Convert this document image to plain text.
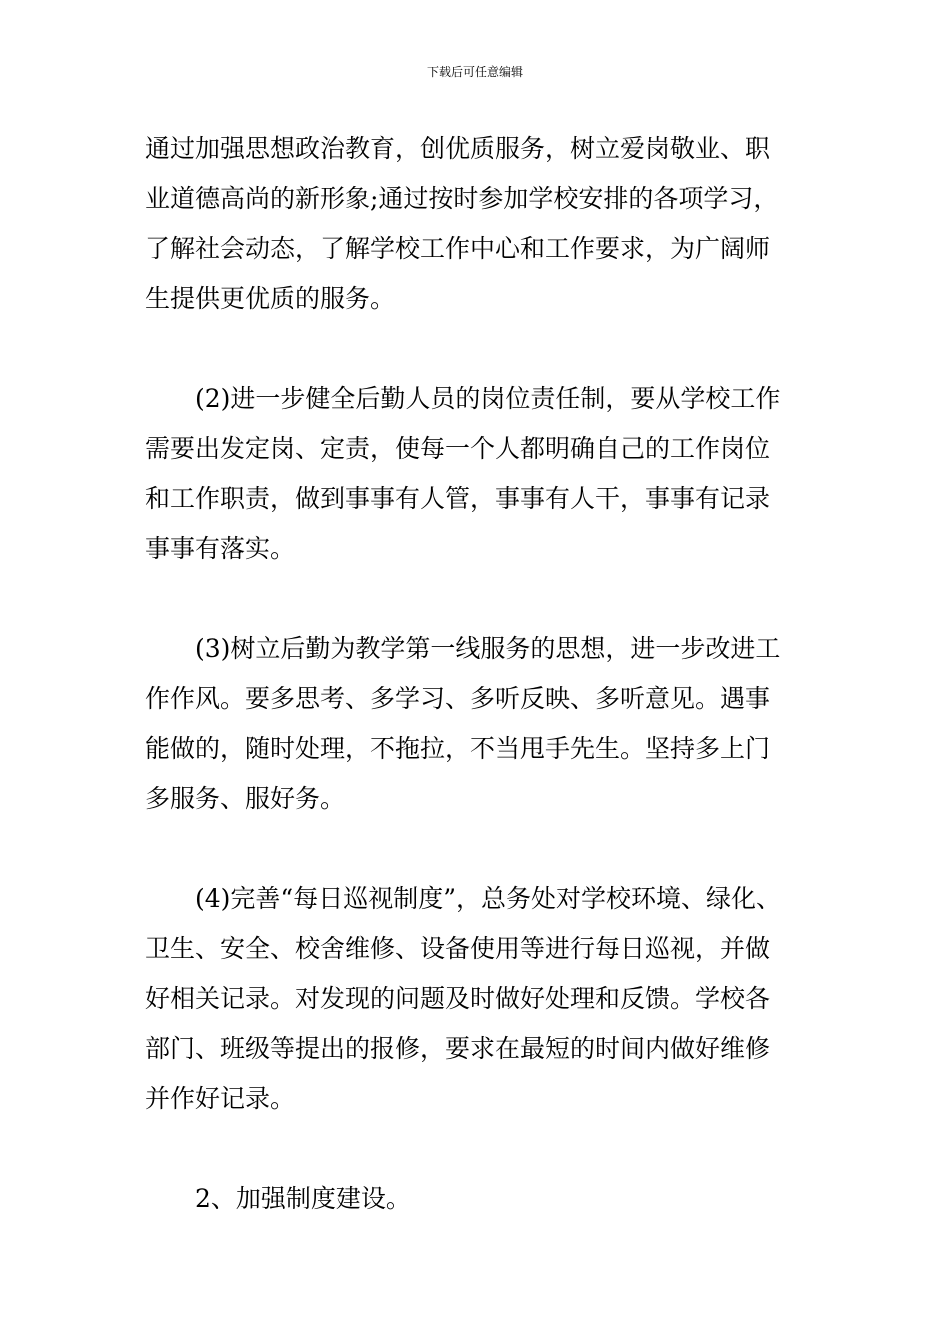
下载后可任意编辑
通过加强思想政治教育，创优质服务，树立爱岗敬业、职
业道德高尚的新形象;通过按时参加学校安排的各项学习，
了解社会动态，了解学校工作中心和工作要求，为广阔师
生提供更优质的服务。
(2)进一步健全后勤人员的岗位责任制，要从学校工作
需要出发定岗、定责，使每一个人都明确自己的工作岗位
和工作职责，做到事事有人管，事事有人干，事事有记录
事事有落实。
(3)树立后勤为教学第一线服务的思想，进一步改进工
作作风。要多思考、多学习、多听反映、多听意见。遇事
能做的，随时处理，不拖拉，不当甩手先生。坚持多上门
多服务、服好务。
(4)完善“每日巡视制度”，总务处对学校环境、绿化、
卫生、安全、校舍维修、设备使用等进行每日巡视，并做
好相关记录。对发现的问题及时做好处理和反馈。学校各
部门、班级等提出的报修，要求在最短的时间内做好维修
并作好记录。
2、加强制度建设。
